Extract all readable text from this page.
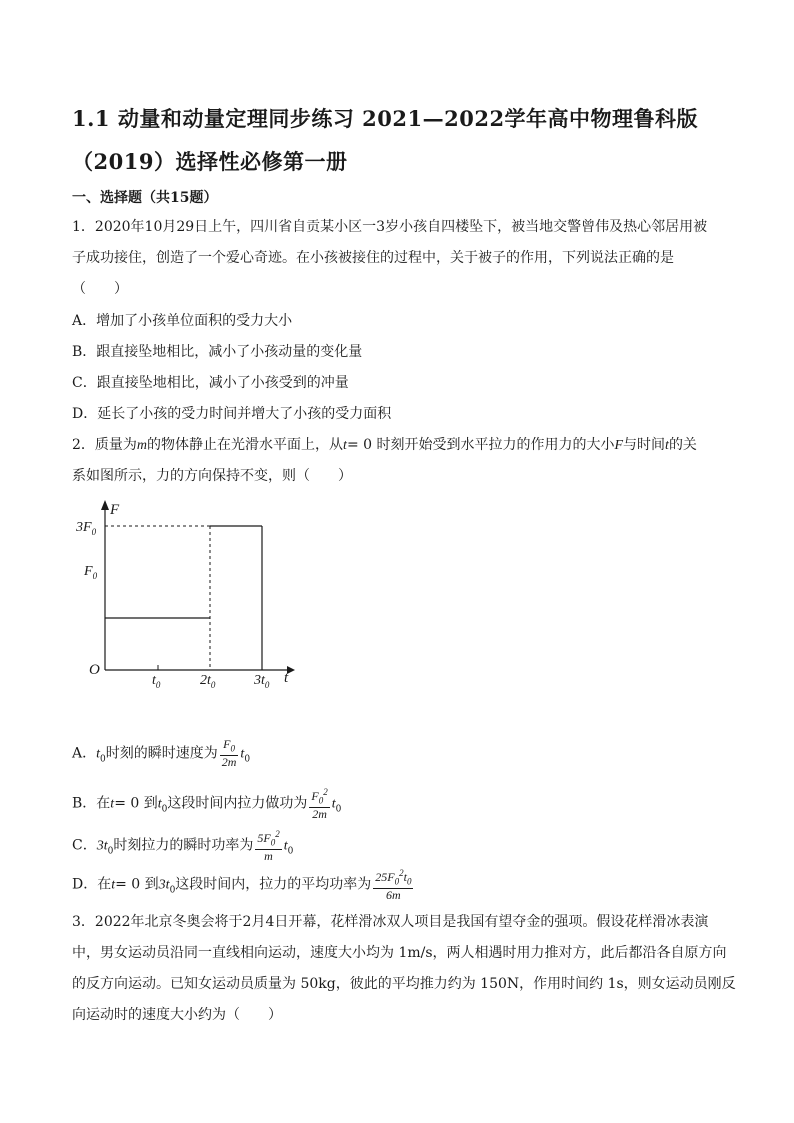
1.1 动量和动量定理同步练习 2021—2022学年高中物理鲁科版
（2019）选择性必修第一册
一、选择题（共15题）
1．2020年10月29日上午，四川省自贡某小区一3岁小孩自四楼坠下，被当地交警曾伟及热心邻居用被
子成功接住，创造了一个爱心奇迹。在小孩被接住的过程中，关于被子的作用，下列说法正确的是
（　　）
A．增加了小孩单位面积的受力大小
B．跟直接坠地相比，减小了小孩动量的变化量
C．跟直接坠地相比，减小了小孩受到的冲量
D．延长了小孩的受力时间并增大了小孩的受力面积
2．质量为m的物体静止在光滑水平面上，从t= 0 时刻开始受到水平拉力的作用力的大小F与时间t的关
系如图所示，力的方向保持不变，则（　　）
F
$3F_0$
$F_0$
O
$t_0$	$2t_0$	$3t_0$ t
A．$t_0$时刻的瞬时速度为 $\frac{F_0}{2m} t_0$
B．在t= 0 到$t_0$这段时间内拉力做功为 $\frac{F_0^2}{2m} t_0$
C．$3t_0$时刻拉力的瞬时功率为 $\frac{5F_0^2}{m} t_0$
D．在t= 0 到$3t_0$这段时间内，拉力的平均功率为 $\frac{25F_0^2t_0}{6m}$
3．2022年北京冬奥会将于2月4日开幕，花样滑冰双人项目是我国有望夺金的强项。假设花样滑冰表演
中，男女运动员沿同一直线相向运动，速度大小均为 1m/s，两人相遇时用力推对方，此后都沿各自原方向
的反方向运动。已知女运动员质量为 50kg，彼此的平均推力约为 150N，作用时间约 1s，则女运动员刚反
向运动时的速度大小约为（　　）
